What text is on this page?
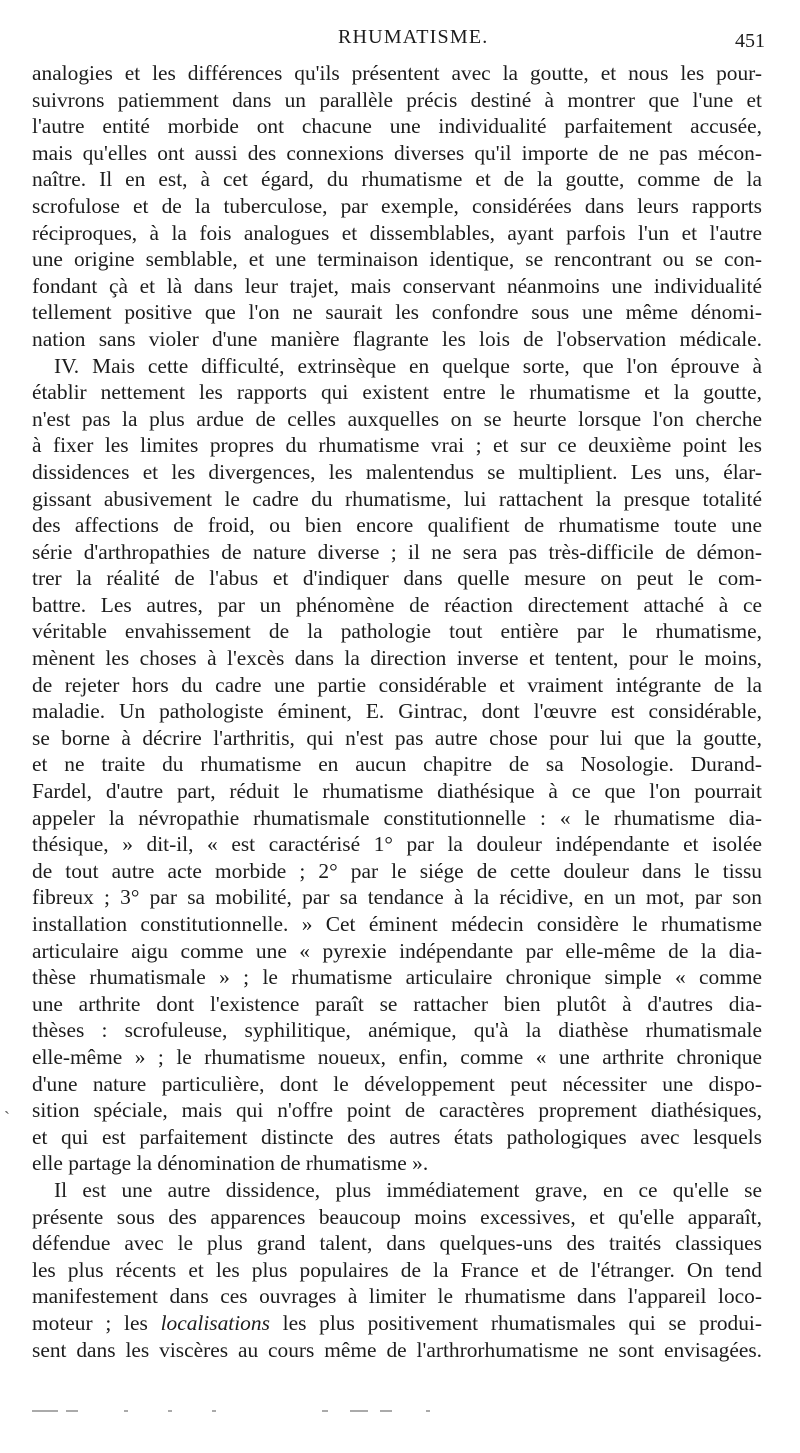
RHUMATISME.	451
analogies et les différences qu'ils présentent avec la goutte, et nous les pour-
suivrons patiemment dans un parallèle précis destiné à montrer que l'une et
l'autre entité morbide ont chacune une individualité parfaitement accusée,
mais qu'elles ont aussi des connexions diverses qu'il importe de ne pas mécon-
naître. Il en est, à cet égard, du rhumatisme et de la goutte, comme de la
scrofulose et de la tuberculose, par exemple, considérées dans leurs rapports
réciproques, à la fois analogues et dissemblables, ayant parfois l'un et l'autre
une origine semblable, et une terminaison identique, se rencontrant ou se con-
fondant çà et là dans leur trajet, mais conservant néanmoins une individualité
tellement positive que l'on ne saurait les confondre sous une même dénomi-
nation sans violer d'une manière flagrante les lois de l'observation médicale.
IV. Mais cette difficulté, extrinsèque en quelque sorte, que l'on éprouve à
établir nettement les rapports qui existent entre le rhumatisme et la goutte,
n'est pas la plus ardue de celles auxquelles on se heurte lorsque l'on cherche
à fixer les limites propres du rhumatisme vrai ; et sur ce deuxième point les
dissidences et les divergences, les malentendus se multiplient. Les uns, élar-
gissant abusivement le cadre du rhumatisme, lui rattachent la presque totalité
des affections de froid, ou bien encore qualifient de rhumatisme toute une
série d'arthropathies de nature diverse ; il ne sera pas très-difficile de démon-
trer la réalité de l'abus et d'indiquer dans quelle mesure on peut le com-
battre. Les autres, par un phénomène de réaction directement attaché à ce
véritable envahissement de la pathologie tout entière par le rhumatisme,
mènent les choses à l'excès dans la direction inverse et tentent, pour le moins,
de rejeter hors du cadre une partie considérable et vraiment intégrante de la
maladie. Un pathologiste éminent, E. Gintrac, dont l'œuvre est considérable,
se borne à décrire l'arthritis, qui n'est pas autre chose pour lui que la goutte,
et ne traite du rhumatisme en aucun chapitre de sa Nosologie. Durand-
Fardel, d'autre part, réduit le rhumatisme diathésique à ce que l'on pourrait
appeler la névropathie rhumatismale constitutionnelle : « le rhumatisme dia-
thésique, » dit-il, « est caractérisé 1° par la douleur indépendante et isolée
de tout autre acte morbide ; 2° par le siége de cette douleur dans le tissu
fibreux ; 3° par sa mobilité, par sa tendance à la récidive, en un mot, par son
installation constitutionnelle. » Cet éminent médecin considère le rhumatisme
articulaire aigu comme une « pyrexie indépendante par elle-même de la dia-
thèse rhumatismale » ; le rhumatisme articulaire chronique simple « comme
une arthrite dont l'existence paraît se rattacher bien plutôt à d'autres dia-
thèses : scrofuleuse, syphilitique, anémique, qu'à la diathèse rhumatismale
elle-même » ; le rhumatisme noueux, enfin, comme « une arthrite chronique
d'une nature particulière, dont le développement peut nécessiter une dispo-
sition spéciale, mais qui n'offre point de caractères proprement diathésiques,
et qui est parfaitement distincte des autres états pathologiques avec lesquels
elle partage la dénomination de rhumatisme ».
Il est une autre dissidence, plus immédiatement grave, en ce qu'elle se
présente sous des apparences beaucoup moins excessives, et qu'elle apparaît,
défendue avec le plus grand talent, dans quelques-uns des traités classiques
les plus récents et les plus populaires de la France et de l'étranger. On tend
manifestement dans ces ouvrages à limiter le rhumatisme dans l'appareil loco-
moteur ; les localisations les plus positivement rhumatismales qui se produi-
sent dans les viscères au cours même de l'arthrorhumatisme ne sont envisagées.
`
